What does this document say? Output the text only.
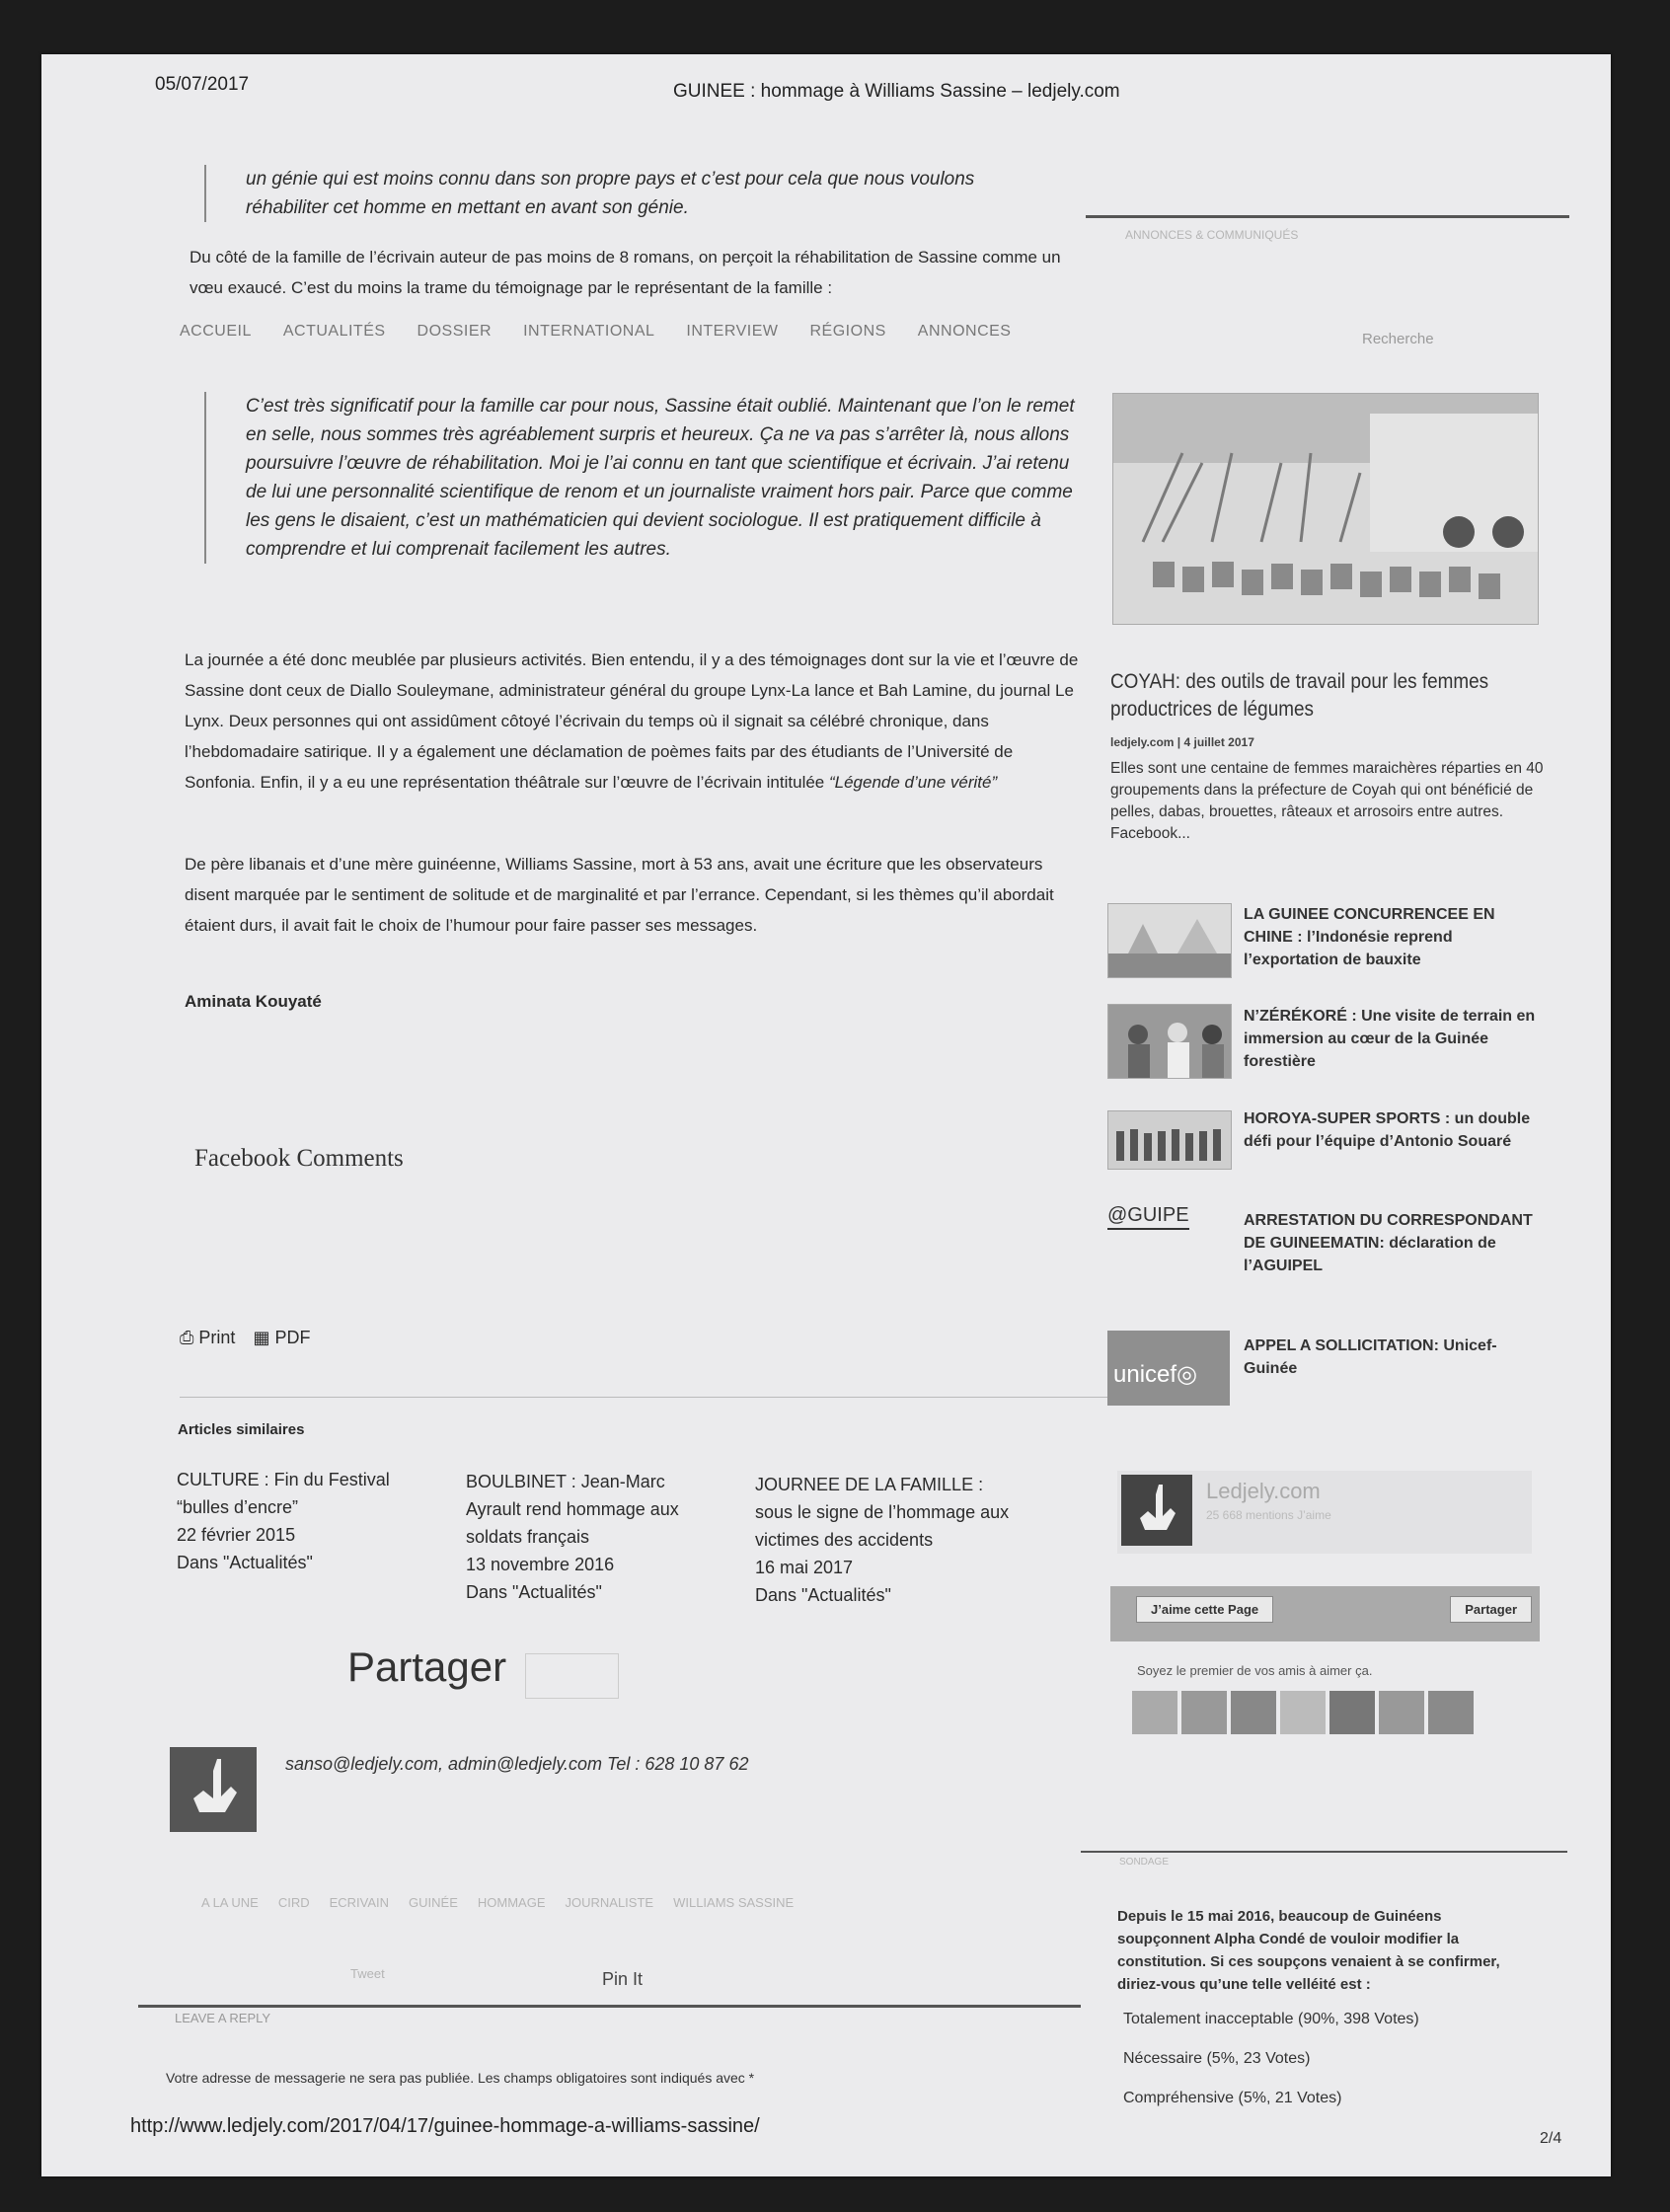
05/07/2017	GUINEE : hommage à Williams Sassine – ledjely.com
un génie qui est moins connu dans son propre pays et c’est pour cela que nous voulons réhabiliter cet homme en mettant en avant son génie.
Du côté de la famille de l’écrivain auteur de pas moins de 8 romans, on perçoit la réhabilitation de Sassine comme un vœu exaucé. C’est du moins la trame du témoignage par le représentant de la famille :
ACCUEIL ACTUALITÉS DOSSIER INTERNATIONAL INTERVIEW RÉGIONS ANNONCES	Recherche
C’est très significatif pour la famille car pour nous, Sassine était oublié. Maintenant que l’on le remet en selle, nous sommes très agréablement surpris et heureux. Ça ne va pas s’arrêter là, nous allons poursuivre l’œuvre de réhabilitation. Moi je l’ai connu en tant que scientifique et écrivain. J’ai retenu de lui une personnalité scientifique de renom et un journaliste vraiment hors pair. Parce que comme les gens le disaient, c’est un mathématicien qui devient sociologue. Il est pratiquement difficile à comprendre et lui comprenait facilement les autres.
La journée a été donc meublée par plusieurs activités. Bien entendu, il y a des témoignages dont sur la vie et l’œuvre de Sassine dont ceux de Diallo Souleymane, administrateur général du groupe Lynx-La lance et Bah Lamine, du journal Le Lynx. Deux personnes qui ont assidûment côtoyé l’écrivain du temps où il signait sa célébré chronique, dans l’hebdomadaire satirique. Il y a également une déclamation de poèmes faits par des étudiants de l’Université de Sonfonia. Enfin, il y a eu une représentation théâtrale sur l’œuvre de l’écrivain intitulée “Légende d’une vérité”
De père libanais et d’une mère guinéenne, Williams Sassine, mort à 53 ans, avait une écriture que les observateurs disent marquée par le sentiment de solitude et de marginalité et par l’errance. Cependant, si les thèmes qu’il abordait étaient durs, il avait fait le choix de l’humour pour faire passer ses messages.
Aminata Kouyaté
Facebook Comments
⎙ Print ▦ PDF
Articles similaires
CULTURE : Fin du Festival “bulles d’encre”
22 février 2015
Dans "Actualités"
BOULBINET : Jean-Marc Ayrault rend hommage aux soldats français
13 novembre 2016
Dans "Actualités"
JOURNEE DE LA FAMILLE : sous le signe de l’hommage aux victimes des accidents
16 mai 2017
Dans "Actualités"
Partager
sanso@ledjely.com, admin@ledjely.com Tel : 628 10 87 62
A LA UNE CIRD ECRIVAIN GUINÉE HOMMAGE JOURNALISTE WILLIAMS SASSINE
Tweet	Pin It
LEAVE A REPLY
Votre adresse de messagerie ne sera pas publiée. Les champs obligatoires sont indiqués avec *
http://www.ledjely.com/2017/04/17/guinee-hommage-a-williams-sassine/
2/4
ANNONCES & COMMUNIQUÉS
COYAH: des outils de travail pour les femmes productrices de légumes
ledjely.com | 4 juillet 2017
Elles sont une centaine de femmes maraichères réparties en 40 groupements dans la préfecture de Coyah qui ont bénéficié de pelles, dabas, brouettes, râteaux et arrosoirs entre autres. Facebook...
LA GUINEE CONCURRENCEE EN CHINE : l’Indonésie reprend l’exportation de bauxite
N’ZÉRÉKORÉ : Une visite de terrain en immersion au cœur de la Guinée forestière
HOROYA-SUPER SPORTS : un double défi pour l’équipe d’Antonio Souaré
@GUIPE	ARRESTATION DU CORRESPONDANT DE GUINEEMATIN: déclaration de l’AGUIPEL
unicef◎
APPEL A SOLLICITATION: Unicef-Guinée
Ledjely.com
25 668 mentions J’aime
J’aime cette Page	Partager
Soyez le premier de vos amis à aimer ça.
SONDAGE
Depuis le 15 mai 2016, beaucoup de Guinéens soupçonnent Alpha Condé de vouloir modifier la constitution. Si ces soupçons venaient à se confirmer, diriez-vous qu’une telle velléité est :
Totalement inacceptable (90%, 398 Votes)
Nécessaire (5%, 23 Votes)
Compréhensive (5%, 21 Votes)
